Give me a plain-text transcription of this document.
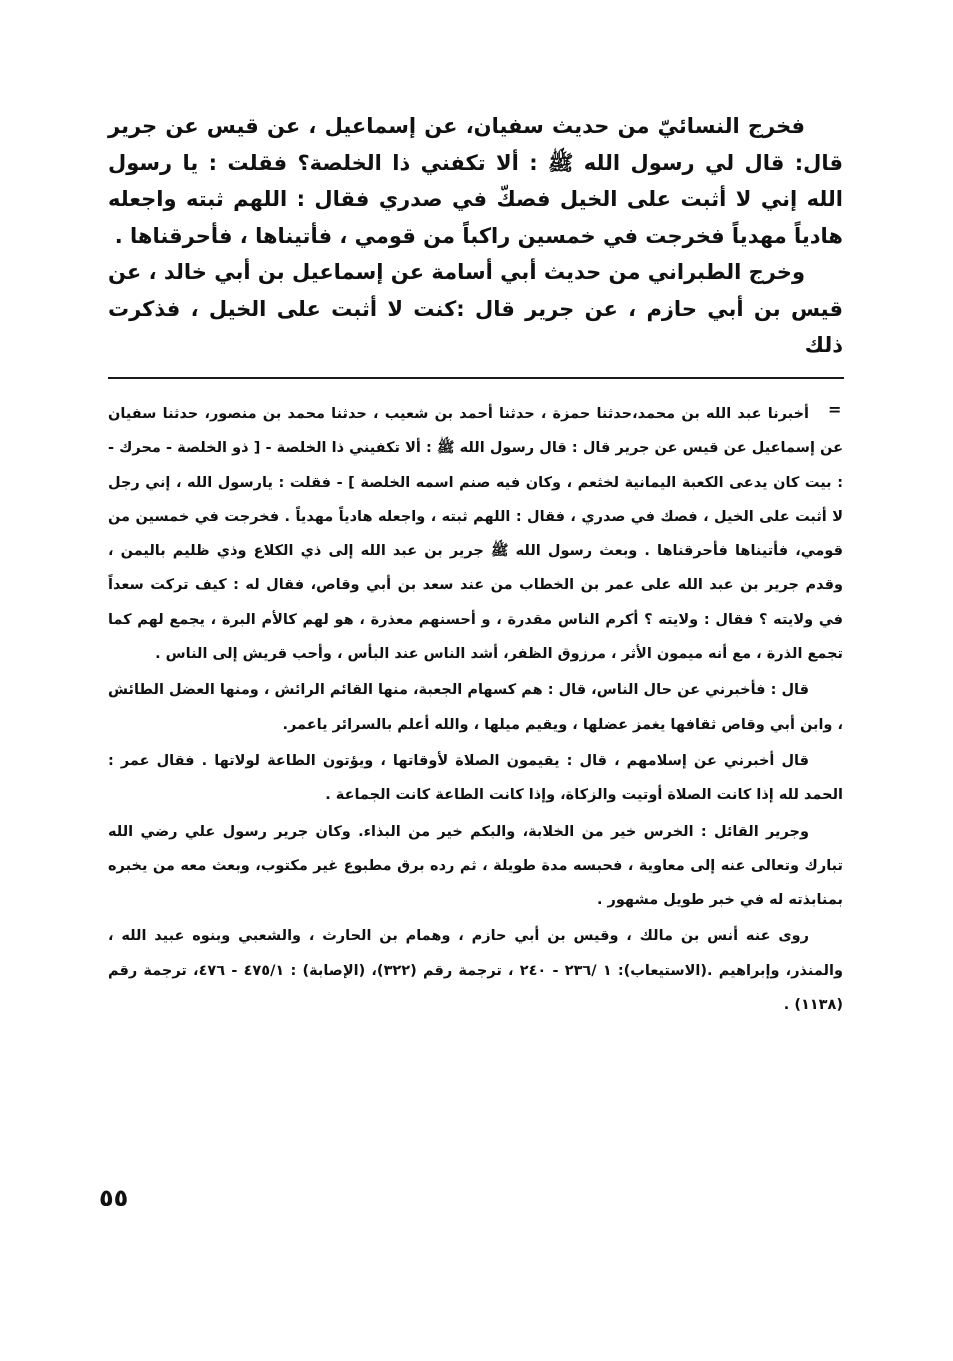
فخرج النسائيّ من حديث سفيان، عن إسماعيل ، عن قيس عن جرير قال: قال لي رسول الله ﷺ : ألا تكفني ذا الخلصة؟ فقلت : يا رسول الله إني لا أثبت على الخيل فصكّ في صدري فقال : اللهم ثبته واجعله هادياً مهدياً فخرجت في خمسين راكباً من قومي ، فأتيناها ، فأحرقناها .

وخرج الطبراني من حديث أبي أسامة عن إسماعيل بن أبي خالد ، عن قيس بن أبي حازم ، عن جرير قال :كنت لا أثبت على الخيل ، فذكرت ذلك

=

أخبرنا عبد الله بن محمد،حدثنا حمزة ، حدثنا أحمد بن شعيب ، حدثنا محمد بن منصور، حدثنا سفيان عن إسماعيل عن قيس عن جرير قال : قال رسول الله ﷺ : ألا تكفيني ذا الخلصة - [ ذو الخلصة - محرك - : بيت كان يدعى الكعبة اليمانية لخثعم ، وكان فيه صنم اسمه الخلصة ] - فقلت : يارسول الله ، إني رجل لا أثبت على الخيل ، فصك في صدري ، فقال : اللهم ثبته ، واجعله هادياً مهدياً . فخرجت في خمسين من قومي، فأتيناها فأحرقناها . وبعث رسول الله ﷺ جرير بن عبد الله إلى ذي الكلاع وذي ظليم باليمن ، وقدم جرير بن عبد الله على عمر بن الخطاب من عند سعد بن أبي وقاص، فقال له : كيف تركت سعداً في ولايته ؟ فقال : ولايته ؟ أكرم الناس مقدرة ، و أحسنهم معذرة ، هو لهم كالأم البرة ، يجمع لهم كما تجمع الذرة ، مع أنه ميمون الأثر ، مرزوق الظفر، أشد الناس عند البأس ، وأحب قريش إلى الناس .

قال : فأخبرني عن حال الناس، قال : هم كسهام الجعبة، منها القائم الرائش ، ومنها العضل الطائش ، وابن أبي وقاص ثقافها يغمز عضلها ، ويقيم ميلها ، والله أعلم بالسرائر ياعمر.

قال أخبرني عن إسلامهم ، قال : يقيمون الصلاة لأوقاتها ، ويؤتون الطاعة لولاتها . فقال عمر : الحمد لله إذا كانت الصلاة أوتيت والزكاة، وإذا كانت الطاعة كانت الجماعة .

وجرير القائل : الخرس خير من الخلابة، والبكم خير من البذاء. وكان جرير رسول علي رضي الله تبارك وتعالى عنه إلى معاوية ، فحبسه مدة طويلة ، ثم رده برق مطبوع غير مكتوب، وبعث معه من يخبره بمنابذته له في خبر طويل مشهور .

روى عنه أنس بن مالك ، وقيس بن أبي حازم ، وهمام بن الحارث ، والشعبي وبنوه عبيد الله ، والمنذر، وإبراهيم .(الاستيعاب): ١ /٢٣٦ - ٢٤٠ ، ترجمة رقم (٣٢٢)، (الإصابة) : ٤٧٥/١ - ٤٧٦، ترجمة رقم (١١٣٨) .

٥٥
